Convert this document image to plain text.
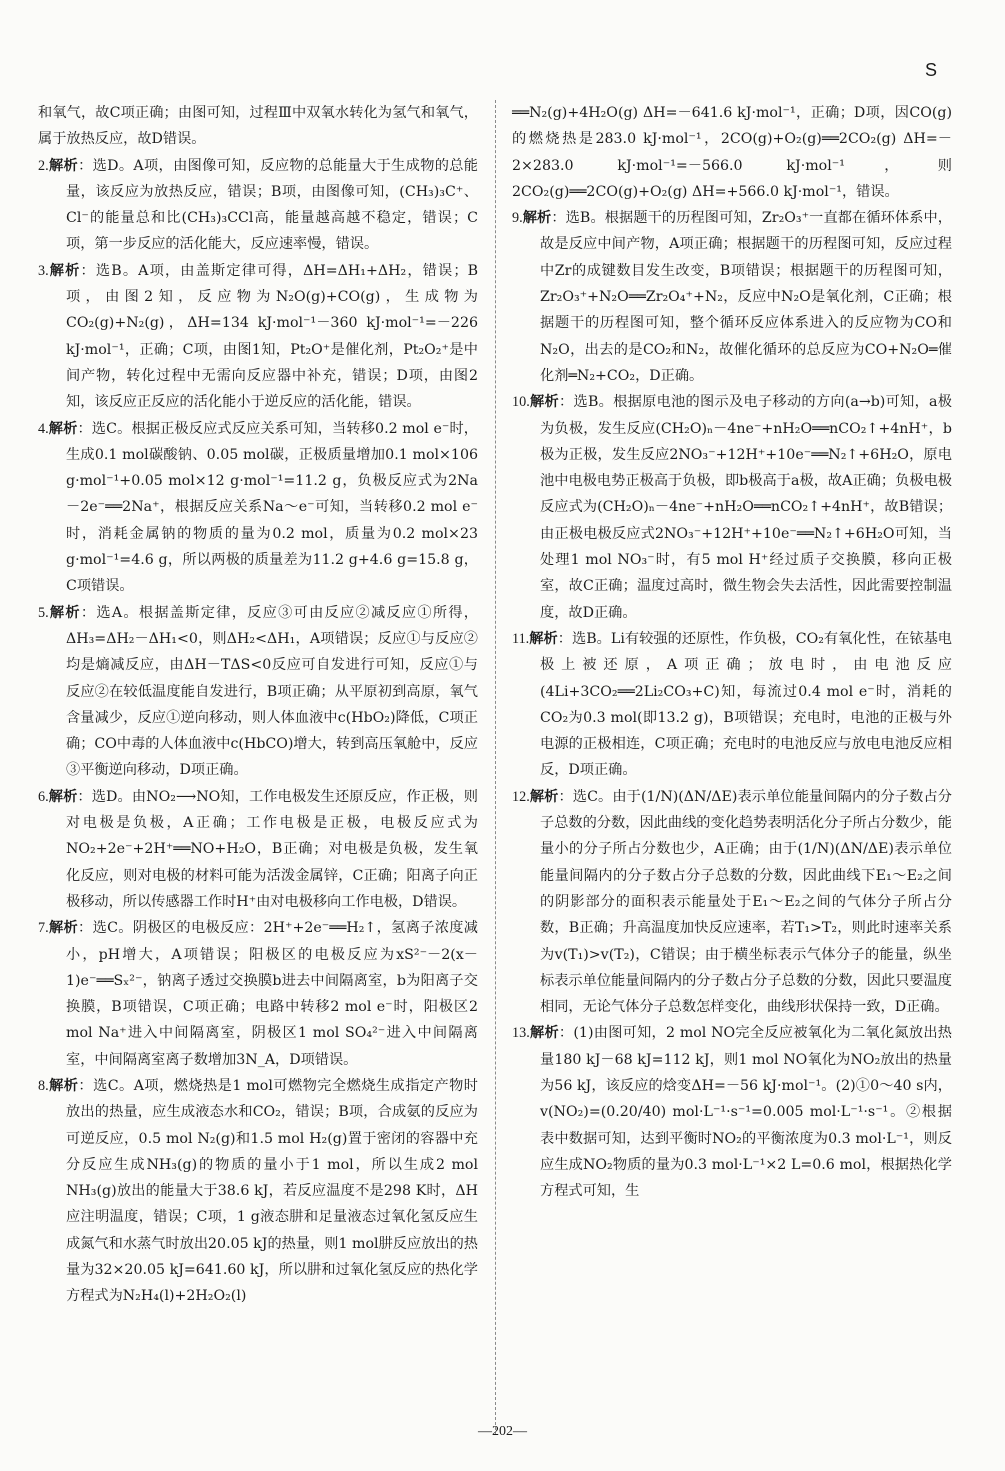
S

和氧气，故C项正确；由图可知，过程Ⅲ中双氧水转化为氢气和氧气，属于放热反应，故D错误。

2.解析：选D。A项，由图像可知，反应物的总能量大于生成物的总能量，该反应为放热反应，错误；B项，由图像可知，(CH₃)₃C⁺、Cl⁻的能量总和比(CH₃)₃CCl高，能量越高越不稳定，错误；C项，第一步反应的活化能大，反应速率慢，错误。

3.解析：选B。A项，由盖斯定律可得，ΔH=ΔH₁+ΔH₂，错误；B项，由图2知，反应物为N₂O(g)+CO(g)，生成物为CO₂(g)+N₂(g)，ΔH=134 kJ·mol⁻¹－360 kJ·mol⁻¹=－226 kJ·mol⁻¹，正确；C项，由图1知，Pt₂O⁺是催化剂，Pt₂O₂⁺是中间产物，转化过程中无需向反应器中补充，错误；D项，由图2知，该反应正反应的活化能小于逆反应的活化能，错误。

4.解析：选C。根据正极反应式反应关系可知，当转移0.2 mol e⁻时，生成0.1 mol碳酸钠、0.05 mol碳，正极质量增加0.1 mol×106 g·mol⁻¹+0.05 mol×12 g·mol⁻¹=11.2 g，负极反应式为2Na－2e⁻══2Na⁺，根据反应关系Na～e⁻可知，当转移0.2 mol e⁻时，消耗金属钠的物质的量为0.2 mol，质量为0.2 mol×23 g·mol⁻¹=4.6 g，所以两极的质量差为11.2 g+4.6 g=15.8 g，C项错误。

5.解析：选A。根据盖斯定律，反应③可由反应②减反应①所得，ΔH₃=ΔH₂－ΔH₁<0，则ΔH₂<ΔH₁，A项错误；反应①与反应②均是熵减反应，由ΔH－TΔS<0反应可自发进行可知，反应①与反应②在较低温度能自发进行，B项正确；从平原初到高原，氧气含量减少，反应①逆向移动，则人体血液中c(HbO₂)降低，C项正确；CO中毒的人体血液中c(HbCO)增大，转到高压氧舱中，反应③平衡逆向移动，D项正确。

6.解析：选D。由NO₂⟶NO知，工作电极发生还原反应，作正极，则对电极是负极，A正确；工作电极是正极，电极反应式为NO₂+2e⁻+2H⁺══NO+H₂O，B正确；对电极是负极，发生氧化反应，则对电极的材料可能为活泼金属锌，C正确；阳离子向正极移动，所以传感器工作时H⁺由对电极移向工作电极，D错误。

7.解析：选C。阴极区的电极反应：2H⁺+2e⁻══H₂↑，氢离子浓度减小，pH增大，A项错误；阳极区的电极反应为xS²⁻－2(x－1)e⁻══Sₓ²⁻，钠离子透过交换膜b进去中间隔离室，b为阳离子交换膜，B项错误，C项正确；电路中转移2 mol e⁻时，阳极区2 mol Na⁺进入中间隔离室，阴极区1 mol SO₄²⁻进入中间隔离室，中间隔离室离子数增加3N_A，D项错误。

8.解析：选C。A项，燃烧热是1 mol可燃物完全燃烧生成指定产物时放出的热量，应生成液态水和CO₂，错误；B项，合成氨的反应为可逆反应，0.5 mol N₂(g)和1.5 mol H₂(g)置于密闭的容器中充分反应生成NH₃(g)的物质的量小于1 mol，所以生成2 mol NH₃(g)放出的能量大于38.6 kJ，若反应温度不是298 K时，ΔH应注明温度，错误；C项，1 g液态肼和足量液态过氧化氢反应生成氮气和水蒸气时放出20.05 kJ的热量，则1 mol肼反应放出的热量为32×20.05 kJ=641.60 kJ，所以肼和过氧化氢反应的热化学方程式为N₂H₄(l)+2H₂O₂(l)

══N₂(g)+4H₂O(g) ΔH=－641.6 kJ·mol⁻¹，正确；D项，因CO(g)的燃烧热是283.0 kJ·mol⁻¹，2CO(g)+O₂(g)══2CO₂(g) ΔH=－2×283.0 kJ·mol⁻¹=－566.0 kJ·mol⁻¹，则2CO₂(g)══2CO(g)+O₂(g) ΔH=+566.0 kJ·mol⁻¹，错误。

9.解析：选B。根据题干的历程图可知，Zr₂O₃⁺一直都在循环体系中，故是反应中间产物，A项正确；根据题干的历程图可知，反应过程中Zr的成键数目发生改变，B项错误；根据题干的历程图可知，Zr₂O₃⁺+N₂O══Zr₂O₄⁺+N₂，反应中N₂O是氧化剂，C正确；根据题干的历程图可知，整个循环反应体系进入的反应物为CO和N₂O，出去的是CO₂和N₂，故催化循环的总反应为CO+N₂O═催化剂═N₂+CO₂，D正确。

10.解析：选B。根据原电池的图示及电子移动的方向(a→b)可知，a极为负极，发生反应(CH₂O)ₙ－4ne⁻+nH₂O══nCO₂↑+4nH⁺，b极为正极，发生反应2NO₃⁻+12H⁺+10e⁻══N₂↑+6H₂O，原电池中电极电势正极高于负极，即b极高于a极，故A正确；负极电极反应式为(CH₂O)ₙ－4ne⁻+nH₂O══nCO₂↑+4nH⁺，故B错误；由正极电极反应式2NO₃⁻+12H⁺+10e⁻══N₂↑+6H₂O可知，当处理1 mol NO₃⁻时，有5 mol H⁺经过质子交换膜，移向正极室，故C正确；温度过高时，微生物会失去活性，因此需要控制温度，故D正确。

11.解析：选B。Li有较强的还原性，作负极，CO₂有氧化性，在铱基电极上被还原，A项正确；放电时，由电池反应(4Li+3CO₂══2Li₂CO₃+C)知，每流过0.4 mol e⁻时，消耗的CO₂为0.3 mol(即13.2 g)，B项错误；充电时，电池的正极与外电源的正极相连，C项正确；充电时的电池反应与放电电池反应相反，D项正确。

12.解析：选C。由于(1/N)(ΔN/ΔE)表示单位能量间隔内的分子数占分子总数的分数，因此曲线的变化趋势表明活化分子所占分数少，能量小的分子所占分数也少，A正确；由于(1/N)(ΔN/ΔE)表示单位能量间隔内的分子数占分子总数的分数，因此曲线下E₁～E₂之间的阴影部分的面积表示能量处于E₁～E₂之间的气体分子所占分数，B正确；升高温度加快反应速率，若T₁>T₂，则此时速率关系为v(T₁)>v(T₂)，C错误；由于横坐标表示气体分子的能量，纵坐标表示单位能量间隔内的分子数占分子总数的分数，因此只要温度相同，无论气体分子总数怎样变化，曲线形状保持一致，D正确。

13.解析：(1)由图可知，2 mol NO完全反应被氧化为二氧化氮放出热量180 kJ－68 kJ=112 kJ，则1 mol NO氧化为NO₂放出的热量为56 kJ，该反应的焓变ΔH=－56 kJ·mol⁻¹。(2)①0～40 s内，v(NO₂)=(0.20/40) mol·L⁻¹·s⁻¹=0.005 mol·L⁻¹·s⁻¹。②根据表中数据可知，达到平衡时NO₂的平衡浓度为0.3 mol·L⁻¹，则反应生成NO₂物质的量为0.3 mol·L⁻¹×2 L=0.6 mol，根据热化学方程式可知，生

—202—
